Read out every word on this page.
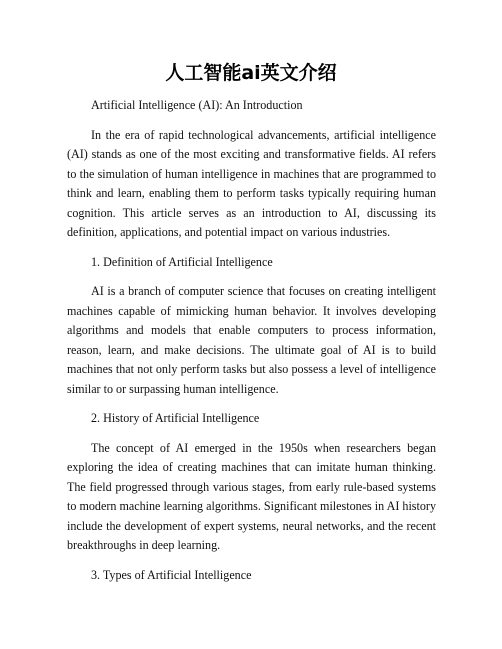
人工智能ai英文介绍

Artificial Intelligence (AI): An Introduction

In the era of rapid technological advancements, artificial intelligence (AI) stands as one of the most exciting and transformative fields. AI refers to the simulation of human intelligence in machines that are programmed to think and learn, enabling them to perform tasks typically requiring human cognition. This article serves as an introduction to AI, discussing its definition, applications, and potential impact on various industries.

1. Definition of Artificial Intelligence

AI is a branch of computer science that focuses on creating intelligent machines capable of mimicking human behavior. It involves developing algorithms and models that enable computers to process information, reason, learn, and make decisions. The ultimate goal of AI is to build machines that not only perform tasks but also possess a level of intelligence similar to or surpassing human intelligence.

2. History of Artificial Intelligence

The concept of AI emerged in the 1950s when researchers began exploring the idea of creating machines that can imitate human thinking. The field progressed through various stages, from early rule-based systems to modern machine learning algorithms. Significant milestones in AI history include the development of expert systems, neural networks, and the recent breakthroughs in deep learning.

3. Types of Artificial Intelligence
